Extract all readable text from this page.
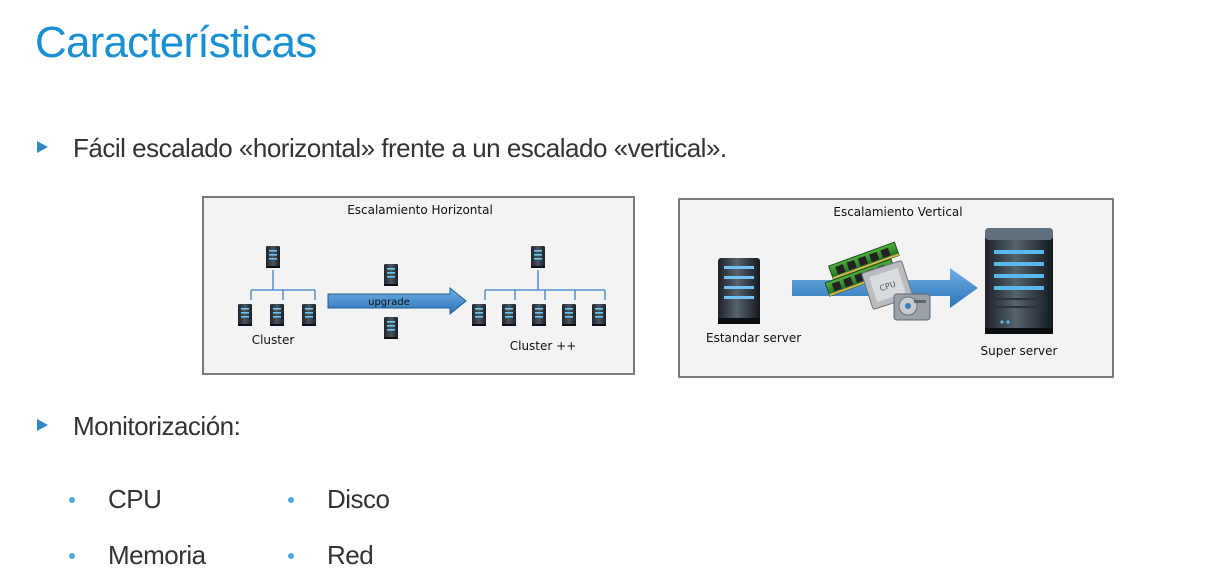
Características
Fácil escalado «horizontal» frente a un escalado «vertical».
Escalamiento Horizontal
Cluster
upgrade
Cluster ++
Escalamiento Vertical
Estandar server
CPU
Super server
Monitorización:
CPU	Disco
Memoria	Red
